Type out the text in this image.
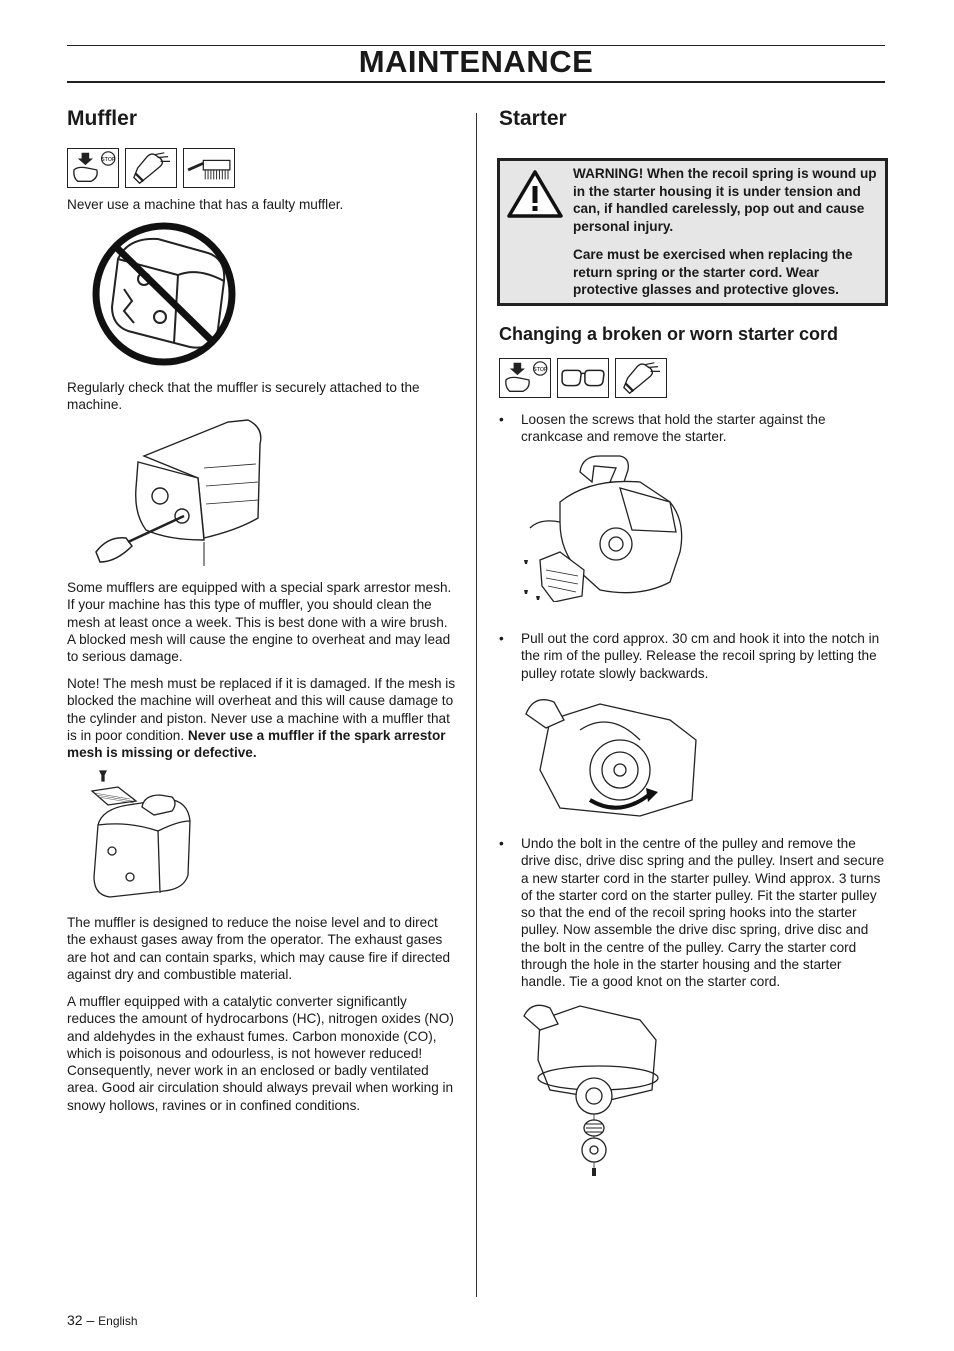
MAINTENANCE
Muffler
STOP

Never use a machine that has a faulty muffler.

Regularly check that the muffler is securely attached to the machine.

Some mufflers are equipped with a special spark arrestor mesh. If your machine has this type of muffler, you should clean the mesh at least once a week. This is best done with a wire brush. A blocked mesh will cause the engine to overheat and may lead to serious damage.

Note! The mesh must be replaced if it is damaged. If the mesh is blocked the machine will overheat and this will cause damage to the cylinder and piston. Never use a machine with a muffler that is in poor condition. Never use a muffler if the spark arrestor mesh is missing or defective.

The muffler is designed to reduce the noise level and to direct the exhaust gases away from the operator. The exhaust gases are hot and can contain sparks, which may cause fire if directed against dry and combustible material.

A muffler equipped with a catalytic converter significantly reduces the amount of hydrocarbons (HC), nitrogen oxides (NO) and aldehydes in the exhaust fumes. Carbon monoxide (CO), which is poisonous and odourless, is not however reduced! Consequently, never work in an enclosed or badly ventilated area. Good air circulation should always prevail when working in snowy hollows, ravines or in confined conditions.

Starter
WARNING! When the recoil spring is wound up in the starter housing it is under tension and can, if handled carelessly, pop out and cause personal injury.
Care must be exercised when replacing the return spring or the starter cord. Wear protective glasses and protective gloves.
Changing a broken or worn starter cord
STOP
• Loosen the screws that hold the starter against the crankcase and remove the starter.
• Pull out the cord approx. 30 cm and hook it into the notch in the rim of the pulley. Release the recoil spring by letting the pulley rotate slowly backwards.
• Undo the bolt in the centre of the pulley and remove the drive disc, drive disc spring and the pulley. Insert and secure a new starter cord in the starter pulley. Wind approx. 3 turns of the starter cord on the starter pulley. Fit the starter pulley so that the end of the recoil spring hooks into the starter pulley. Now assemble the drive disc spring, drive disc and the bolt in the centre of the pulley. Carry the starter cord through the hole in the starter housing and the starter handle. Tie a good knot on the starter cord.
32 – English
